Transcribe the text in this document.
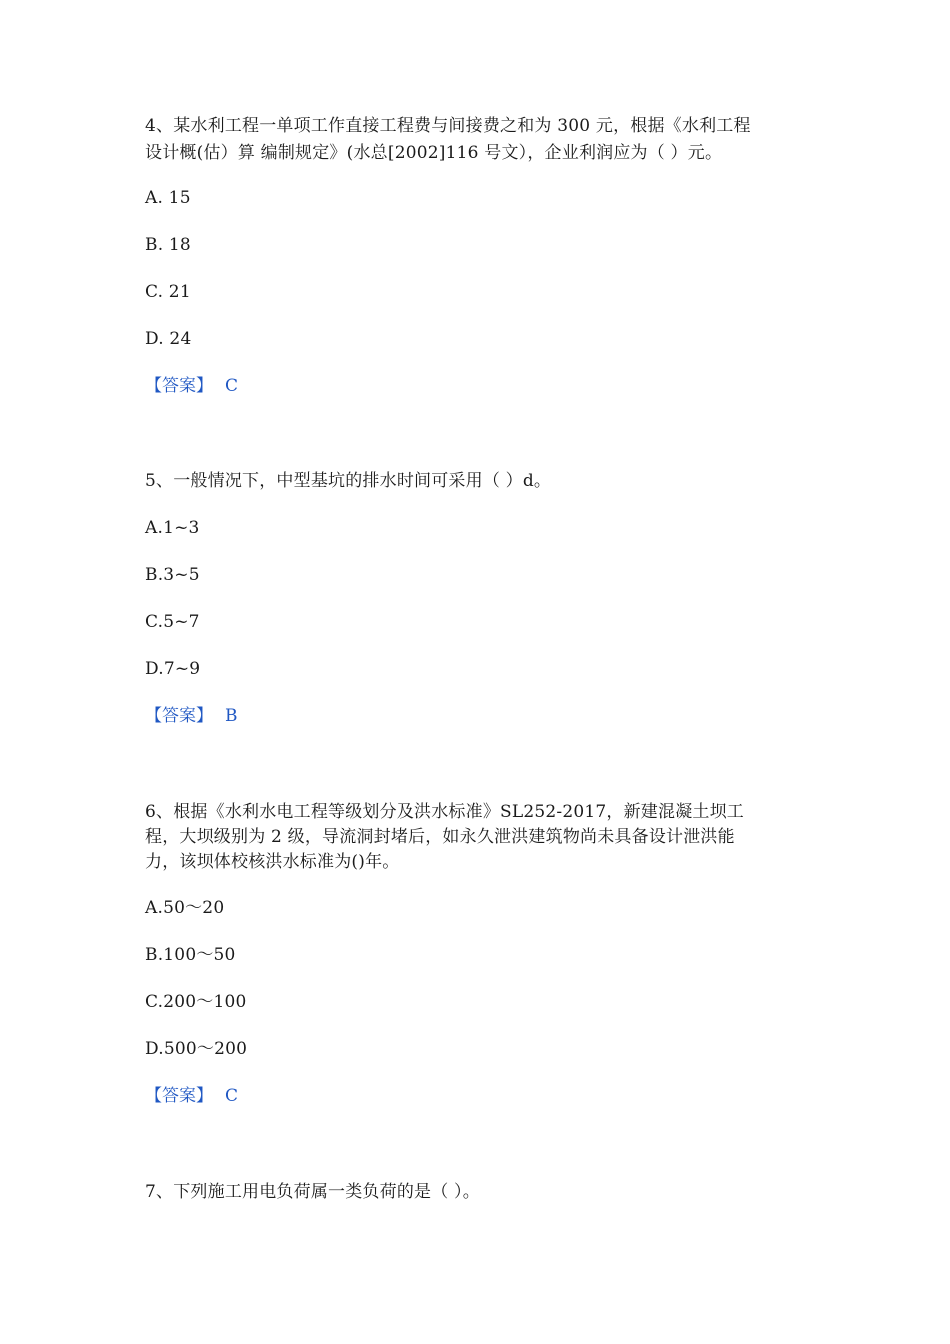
4、某水利工程一单项工作直接工程费与间接费之和为 300 元，根据《水利工程
设计概(估）算 编制规定》(水总[2002]116 号文），企业利润应为（ ）元。
A. 15
B. 18
C. 21
D. 24
【答案】 C
5、一般情况下，中型基坑的排水时间可采用（ ）d。
A.1~3
B.3~5
C.5~7
D.7~9
【答案】 B
6、根据《水利水电工程等级划分及洪水标准》SL252-2017，新建混凝土坝工
程，大坝级别为 2 级，导流洞封堵后，如永久泄洪建筑物尚未具备设计泄洪能
力，该坝体校核洪水标准为()年。
A.50～20
B.100～50
C.200～100
D.500～200
【答案】 C
7、下列施工用电负荷属一类负荷的是（ ）。
